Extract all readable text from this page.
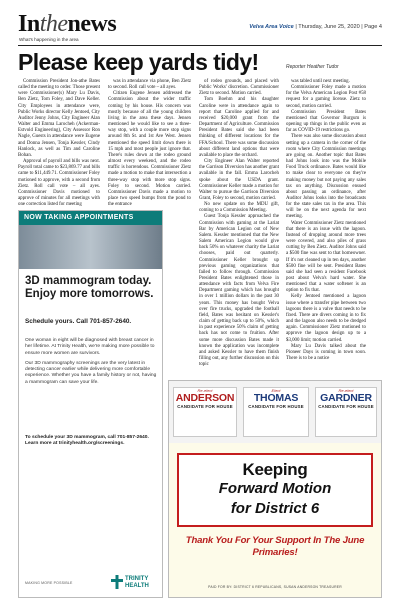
Inthenews
What's happening in the area
Velva Area Voice | Thursday, June 25, 2020 | Page 4
Please keep yards tidy!	Reporter Heather Tudor

Commission President Jon-athe Bates called the meeting to order. Those present were Commissioner(s) Mary Lu Davis, Ben Zietz, Tom Foley, and Dave Keller. City Employees in attendance were, Public Works director Kelly Jentoed, City Auditor Jenny Johns, City Engineer Alan Walter and Emma Larocheh (Ackerman-Estvold Engineering), City Assessor Ron Nagle, Guests in attendance were Eugene and Donna Jensen, Tonja Kessler, Cindy Hanlock, as well as Tim and Caroline Bohan.

Approval of payroll and bills was next. Payroll total came to $23,869.77 and bills came to $11,449.71. Commissioner Foley motioned to approve, with a second from Zietz. Roll call vote – all ayes. Commissioner Davis motioned to approve of minutes for all meetings with one correction listed for meeting

was in attendance via phone, Ben Zietz to second. Roll call vote – all ayes.

Citizen Eugene Jensen addressed the Commission about the wider traffic coming by his house. His concern was mostly because of all the young children living in the area these days. Jensen mentioned he would like to see a three-way stop, with a couple more stop signs around 8th St. and 1st Ave West. Jensen mentioned the speed limit down there is 15 mph and most people just ignore that. There's rules down at the rodeo ground almost every weekend, and the rodeo traffic is horrendous. Commissioner Zietz made a motion to make that intersection a three-way stop with more stop signs. Foley to second. Motion carried. Commissioner Davis made a motion to place two speed bumps from the pond to the entrance

of rodeo grounds, and placed with Public Works' discretion. Commissioner Zietz to second. Motion carried.

Tom Boehm and his daughter Caroline were in attendance again to report that Caroline applied for and received $20,000 grant from the Department of Agriculture. Commission President Bates said she had been thinking of different locations for the FFA/School. There was some discussion about different land options that were available to place the orchard.

City Engineer Alan Walter reported the Garrison Diversion has another grant available in the fall. Emma Larocheh spoke about the USDA grant. Commissioner Keller made a motion for Walter to pursue the Garrison Diversion Grant, Foley to second, motion carried.

No new update on the MDU gift, coming to a Commission Meeting.

Guest Tonja Kessler approached the Commission with gaming at the Lariat Bar by American Legion out of New Salem. Kessler mentioned that the New Salem American Legion would give back 50% on whatever charity the Lariat chooses, paid out quarterly. Commissioner Keller brought up previous gaming organizations that failed to follow through. Commission President Bates enlightened those in attendance with facts from Velva Fire Department gaming which has brought in over 1 million dollars in the past 30 years. This money has bought Velva over fire trucks, upgraded the football field, Bates was hesitant on Kessler's claim of getting back up to 50%, which in past experience 50% claim of getting back has not come to fruition. After some more discussion Bates made it known the application was incomplete and asked Kessler to have them finish filling out, any further discussion on this topic

was tabled until next meeting.

Commissioner Foley made a motion for the Velva American Legion Post #58 request for a gaming license. Zietz to second, motion carried.

Commission President Bates mentioned that Governor Burgum is opening up things in the public even as far as COVID-19 restrictions go.

There was also some discussion about setting up a camera in the corner of the room where City Commission meetings are going on. Another topic that Bates had Johns look into was the Mobile Food Truck ordinance. Bates would like to make clear to everyone on they're making money but not paying any sales tax on anything. Discussion ensued about passing an ordinance, after Auditor Johns looks into the broadcasts for the state sales tax in the area. This will be on the next agenda for next meeting.

Water Commissioner Zietz mentioned that there is an issue with the lagoon. Instead of dropping around more trees were covered, and also piles of grass cutting by Ben Zietz. Auditor Johns said a $500 fine was sent to that homeowner. If it's not cleaned up in ten days, another $500 fine will be sent. President Bates said she had seen a resident Facebook post about Velva's hard water. She mentioned that a water softener is an option to fix that.

Kelly Jentoed mentioned a lagoon issue where a transfer pipe between two lagoons there is a valve that needs to be fixed. There are divers coming in to fix and the lagoon also needs to be dredged again. Commissioner Zietz motioned to approve the lagoon design up to a $3,000 limit; motion carried.

Mary Lu Davis talked about the Pioneer Days is coming in town soon. There is to be a notice

NOW TAKING APPOINTMENTS
3D mammogram today. Enjoy more tomorrows.
Schedule yours. Call 701-857-2640.

One woman in eight will be diagnosed with breast cancer in her lifetime. At Trinity Health, we're making more possible to ensure more women are survivors.

Our 3D mammography screenings are the very latest in detecting cancer earlier while delivering more comfortable experience. Whether you have a family history or not, having a mammogram can save your life.

To schedule your 3D mammogram, call 701-857-2640. Learn more at trinityhealth.org/screenings.
MAKING MORE POSSIBLE
TRINITY
HEALTH
Re-elect
ANDERSON
CANDIDATE FOR HOUSE
Elect
THOMAS
CANDIDATE FOR HOUSE
Re-elect
GARDNER
CANDIDATE FOR HOUSE
Keeping
Forward Motion
for District 6
Thank You For Your Support In The June Primaries!
PAID FOR BY: DISTRICT 6 REPUBLICANS, SUSAN ANDERSON TREASURER
